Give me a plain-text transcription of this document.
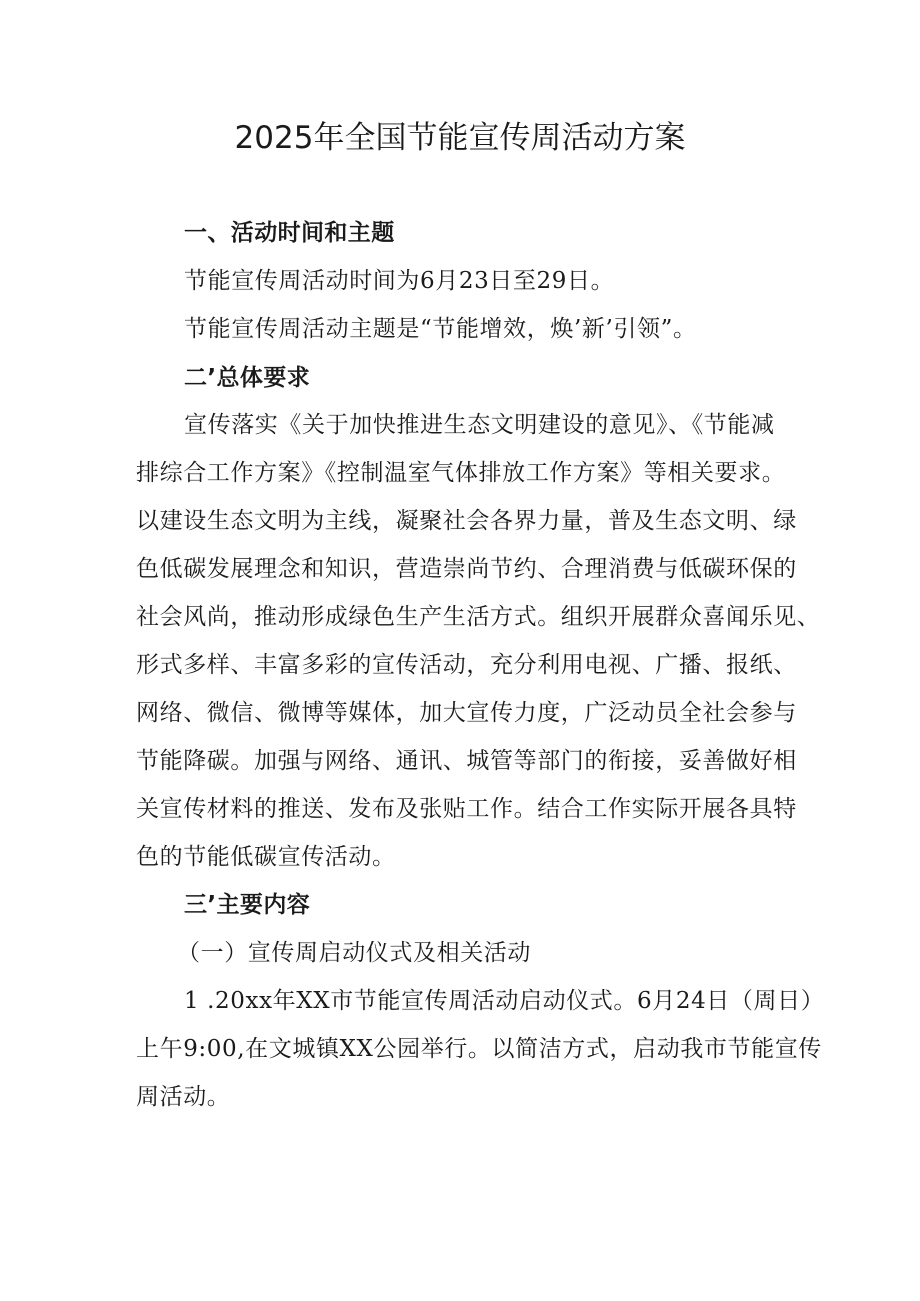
2025年全国节能宣传周活动方案
一、活动时间和主题
节能宣传周活动时间为6月23日至29日。
节能宣传周活动主题是“节能增效，焕’新’引领”。
二’总体要求
宣传落实《关于加快推进生态文明建设的意见》、《节能减
排综合工作方案》《控制温室气体排放工作方案》等相关要求。
以建设生态文明为主线，凝聚社会各界力量，普及生态文明、绿
色低碳发展理念和知识，营造崇尚节约、合理消费与低碳环保的
社会风尚，推动形成绿色生产生活方式。组织开展群众喜闻乐见、
形式多样、丰富多彩的宣传活动，充分利用电视、广播、报纸、
网络、微信、微博等媒体，加大宣传力度，广泛动员全社会参与
节能降碳。加强与网络、通讯、城管等部门的衔接，妥善做好相
关宣传材料的推送、发布及张贴工作。结合工作实际开展各具特
色的节能低碳宣传活动。
三’主要内容
（一）宣传周启动仪式及相关活动
1 .20xx年XX市节能宣传周活动启动仪式。6月24日（周日）
上午9:00,在文城镇XX公园举行。以简洁方式，启动我市节能宣传
周活动。
